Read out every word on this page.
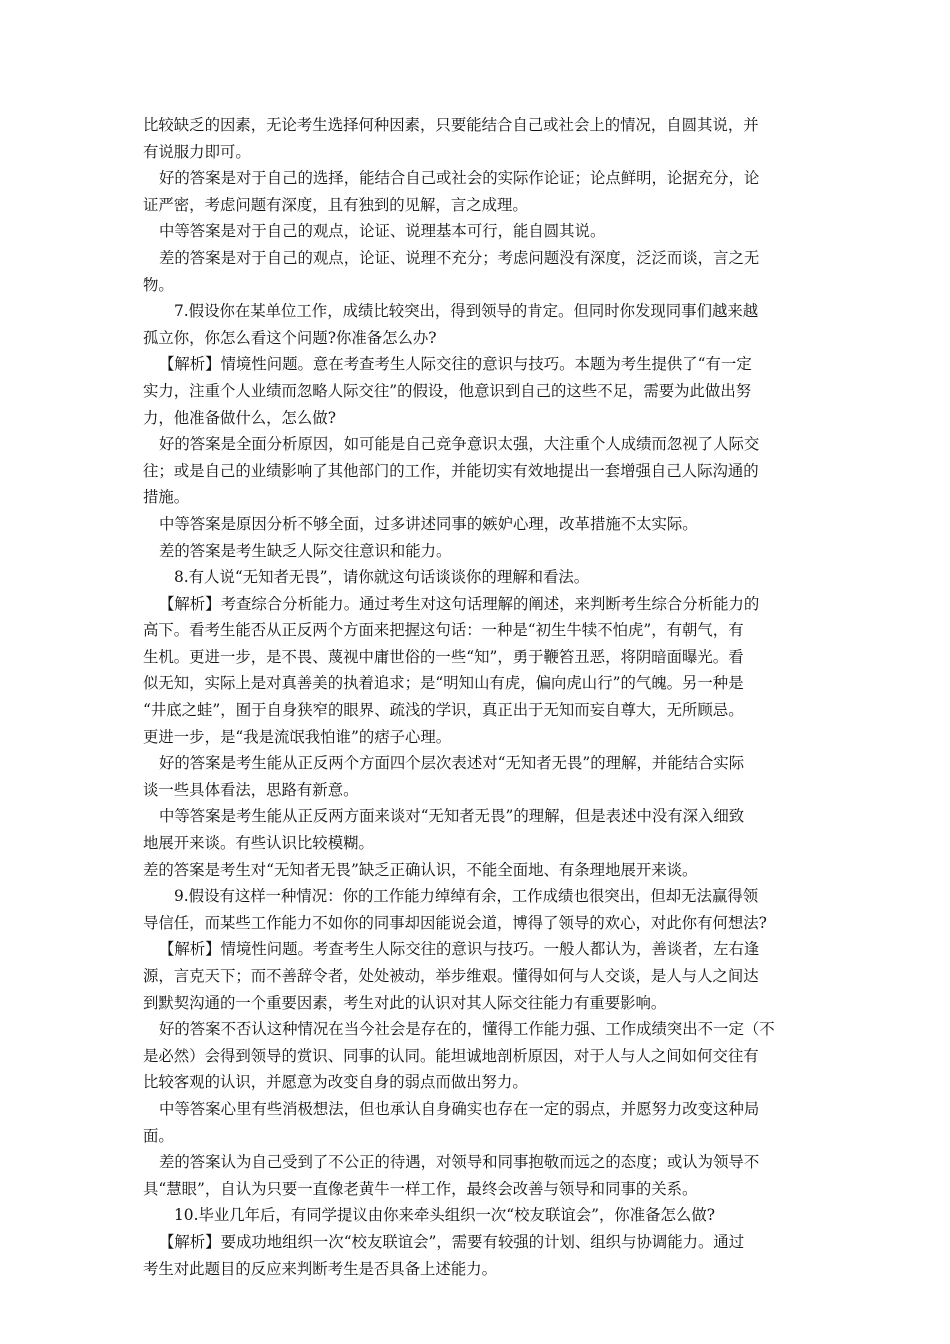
比较缺乏的因素，无论考生选择何种因素，只要能结合自己或社会上的情况，自圆其说，并
有说服力即可。
好的答案是对于自己的选择，能结合自己或社会的实际作论证；论点鲜明，论据充分，论
证严密，考虑问题有深度，且有独到的见解，言之成理。
中等答案是对于自己的观点，论证、说理基本可行，能自圆其说。
差的答案是对于自己的观点，论证、说理不充分；考虑问题没有深度，泛泛而谈，言之无
物。
7.假设你在某单位工作，成绩比较突出，得到领导的肯定。但同时你发现同事们越来越
孤立你，你怎么看这个问题?你准备怎么办?
【解析】情境性问题。意在考查考生人际交往的意识与技巧。本题为考生提供了“有一定
实力，注重个人业绩而忽略人际交往”的假设，他意识到自己的这些不足，需要为此做出努
力，他准备做什么，怎么做?
好的答案是全面分析原因，如可能是自己竞争意识太强，大注重个人成绩而忽视了人际交
往；或是自己的业绩影响了其他部门的工作，并能切实有效地提出一套增强自己人际沟通的
措施。
中等答案是原因分析不够全面，过多讲述同事的嫉妒心理，改革措施不太实际。
差的答案是考生缺乏人际交往意识和能力。
8.有人说“无知者无畏”，请你就这句话谈谈你的理解和看法。
【解析】考查综合分析能力。通过考生对这句话理解的阐述，来判断考生综合分析能力的
高下。看考生能否从正反两个方面来把握这句话：一种是“初生牛犊不怕虎”，有朝气，有
生机。更进一步，是不畏、蔑视中庸世俗的一些“知”，勇于鞭笞丑恶，将阴暗面曝光。看
似无知，实际上是对真善美的执着追求；是“明知山有虎，偏向虎山行”的气魄。另一种是
“井底之蛙”，囿于自身狭窄的眼界、疏浅的学识，真正出于无知而妄自尊大，无所顾忌。
更进一步，是“我是流氓我怕谁”的痞子心理。
好的答案是考生能从正反两个方面四个层次表述对“无知者无畏”的理解，并能结合实际
谈一些具体看法，思路有新意。
中等答案是考生能从正反两方面来谈对“无知者无畏”的理解，但是表述中没有深入细致
地展开来谈。有些认识比较模糊。
差的答案是考生对“无知者无畏”缺乏正确认识，不能全面地、有条理地展开来谈。
9.假设有这样一种情况：你的工作能力绰绰有余，工作成绩也很突出，但却无法赢得领
导信任，而某些工作能力不如你的同事却因能说会道，博得了领导的欢心，对此你有何想法?
【解析】情境性问题。考查考生人际交往的意识与技巧。一般人都认为，善谈者，左右逢
源，言克天下；而不善辞令者，处处被动，举步维艰。懂得如何与人交谈，是人与人之间达
到默契沟通的一个重要因素，考生对此的认识对其人际交往能力有重要影响。
好的答案不否认这种情况在当今社会是存在的，懂得工作能力强、工作成绩突出不一定（不
是必然）会得到领导的赏识、同事的认同。能坦诚地剖析原因，对于人与人之间如何交往有
比较客观的认识，并愿意为改变自身的弱点而做出努力。
中等答案心里有些消极想法，但也承认自身确实也存在一定的弱点，并愿努力改变这种局
面。
差的答案认为自己受到了不公正的待遇，对领导和同事抱敬而远之的态度；或认为领导不
具“慧眼”，自认为只要一直像老黄牛一样工作，最终会改善与领导和同事的关系。
10.毕业几年后，有同学提议由你来牵头组织一次“校友联谊会”，你准备怎么做?
【解析】要成功地组织一次“校友联谊会”，需要有较强的计划、组织与协调能力。通过
考生对此题目的反应来判断考生是否具备上述能力。
